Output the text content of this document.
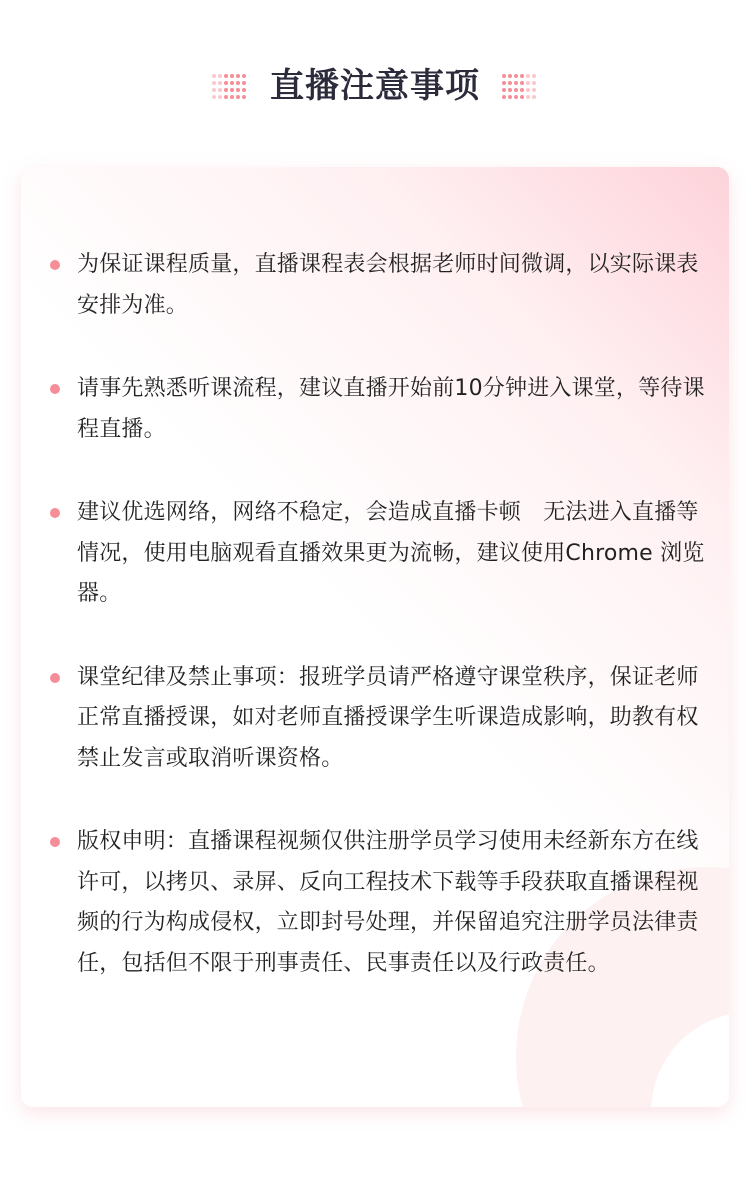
直播注意事项
为保证课程质量，直播课程表会根据老师时间微调，以实际课表安排为准。
请事先熟悉听课流程，建议直播开始前10分钟进入课堂，等待课程直播。
建议优选网络，网络不稳定，会造成直播卡顿　无法进入直播等情况，使用电脑观看直播效果更为流畅，建议使用Chrome 浏览器。
课堂纪律及禁止事项：报班学员请严格遵守课堂秩序，保证老师正常直播授课，如对老师直播授课学生听课造成影响，助教有权禁止发言或取消听课资格。
版权申明：直播课程视频仅供注册学员学习使用未经新东方在线许可，以拷贝、录屏、反向工程技术下载等手段获取直播课程视频的行为构成侵权，立即封号处理，并保留追究注册学员法律责任，包括但不限于刑事责任、民事责任以及行政责任。
